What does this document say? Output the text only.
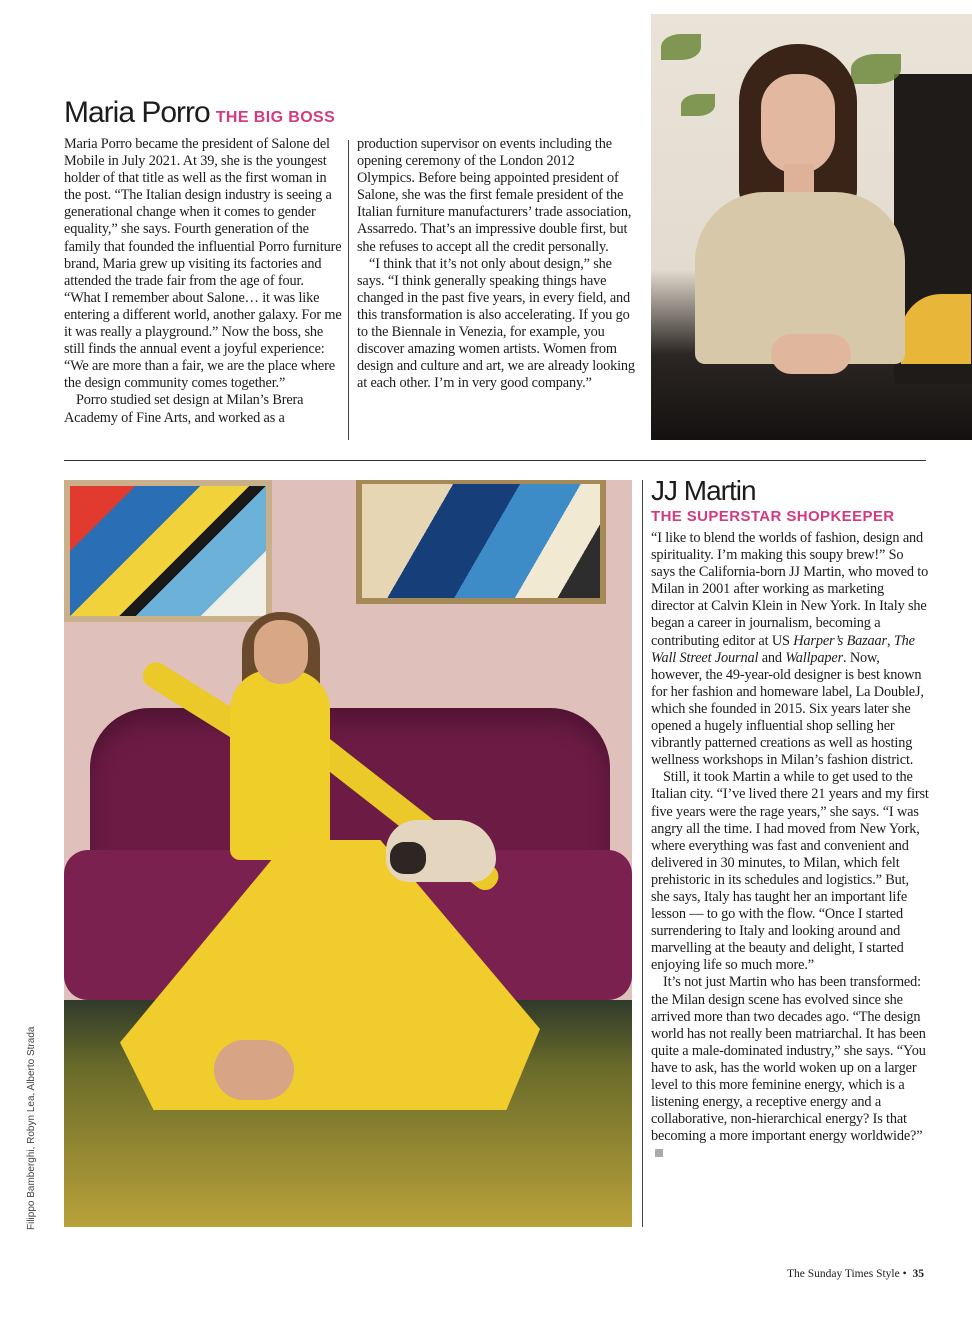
Maria Porro THE BIG BOSS

Maria Porro became the president of Salone del Mobile in July 2021. At 39, she is the youngest holder of that title as well as the first woman in the post. “The Italian design industry is seeing a generational change when it comes to gender equality,” she says. Fourth generation of the family that founded the influential Porro furniture brand, Maria grew up visiting its factories and attended the trade fair from the age of four. “What I remember about Salone… it was like entering a different world, another galaxy. For me it was really a playground.” Now the boss, she still finds the annual event a joyful experience: “We are more than a fair, we are the place where the design community comes together.”

Porro studied set design at Milan’s Brera Academy of Fine Arts, and worked as a

production supervisor on events including the opening ceremony of the London 2012 Olympics. Before being appointed president of Salone, she was the first female president of the Italian furniture manufacturers’ trade association, Assarredo. That’s an impressive double first, but she refuses to accept all the credit personally.

“I think that it’s not only about design,” she says. “I think generally speaking things have changed in the past five years, in every field, and this transformation is also accelerating. If you go to the Biennale in Venezia, for example, you discover amazing women artists. Women from design and culture and art, we are already looking at each other. I’m in very good company.”

JJ Martin
THE SUPERSTAR SHOPKEEPER

“I like to blend the worlds of fashion, design and spirituality. I’m making this soupy brew!” So says the California-born JJ Martin, who moved to Milan in 2001 after working as marketing director at Calvin Klein in New York. In Italy she began a career in journalism, becoming a contributing editor at US Harper’s Bazaar, The Wall Street Journal and Wallpaper. Now, however, the 49-year-old designer is best known for her fashion and homeware label, La DoubleJ, which she founded in 2015. Six years later she opened a hugely influential shop selling her vibrantly patterned creations as well as hosting wellness workshops in Milan’s fashion district.

Still, it took Martin a while to get used to the Italian city. “I’ve lived there 21 years and my first five years were the rage years,” she says. “I was angry all the time. I had moved from New York, where everything was fast and convenient and delivered in 30 minutes, to Milan, which felt prehistoric in its schedules and logistics.” But, she says, Italy has taught her an important life lesson — to go with the flow. “Once I started surrendering to Italy and looking around and marvelling at the beauty and delight, I started enjoying life so much more.”

It’s not just Martin who has been transformed: the Milan design scene has evolved since she arrived more than two decades ago. “The design world has not really been matriarchal. It has been quite a male-dominated industry,” she says. “You have to ask, has the world woken up on a larger level to this more feminine energy, which is a listening energy, a receptive energy and a collaborative, non-hierarchical energy? Is that becoming a more important energy worldwide?”

Filippo Bamberghi, Robyn Lea, Alberto Strada
The Sunday Times Style • 35
